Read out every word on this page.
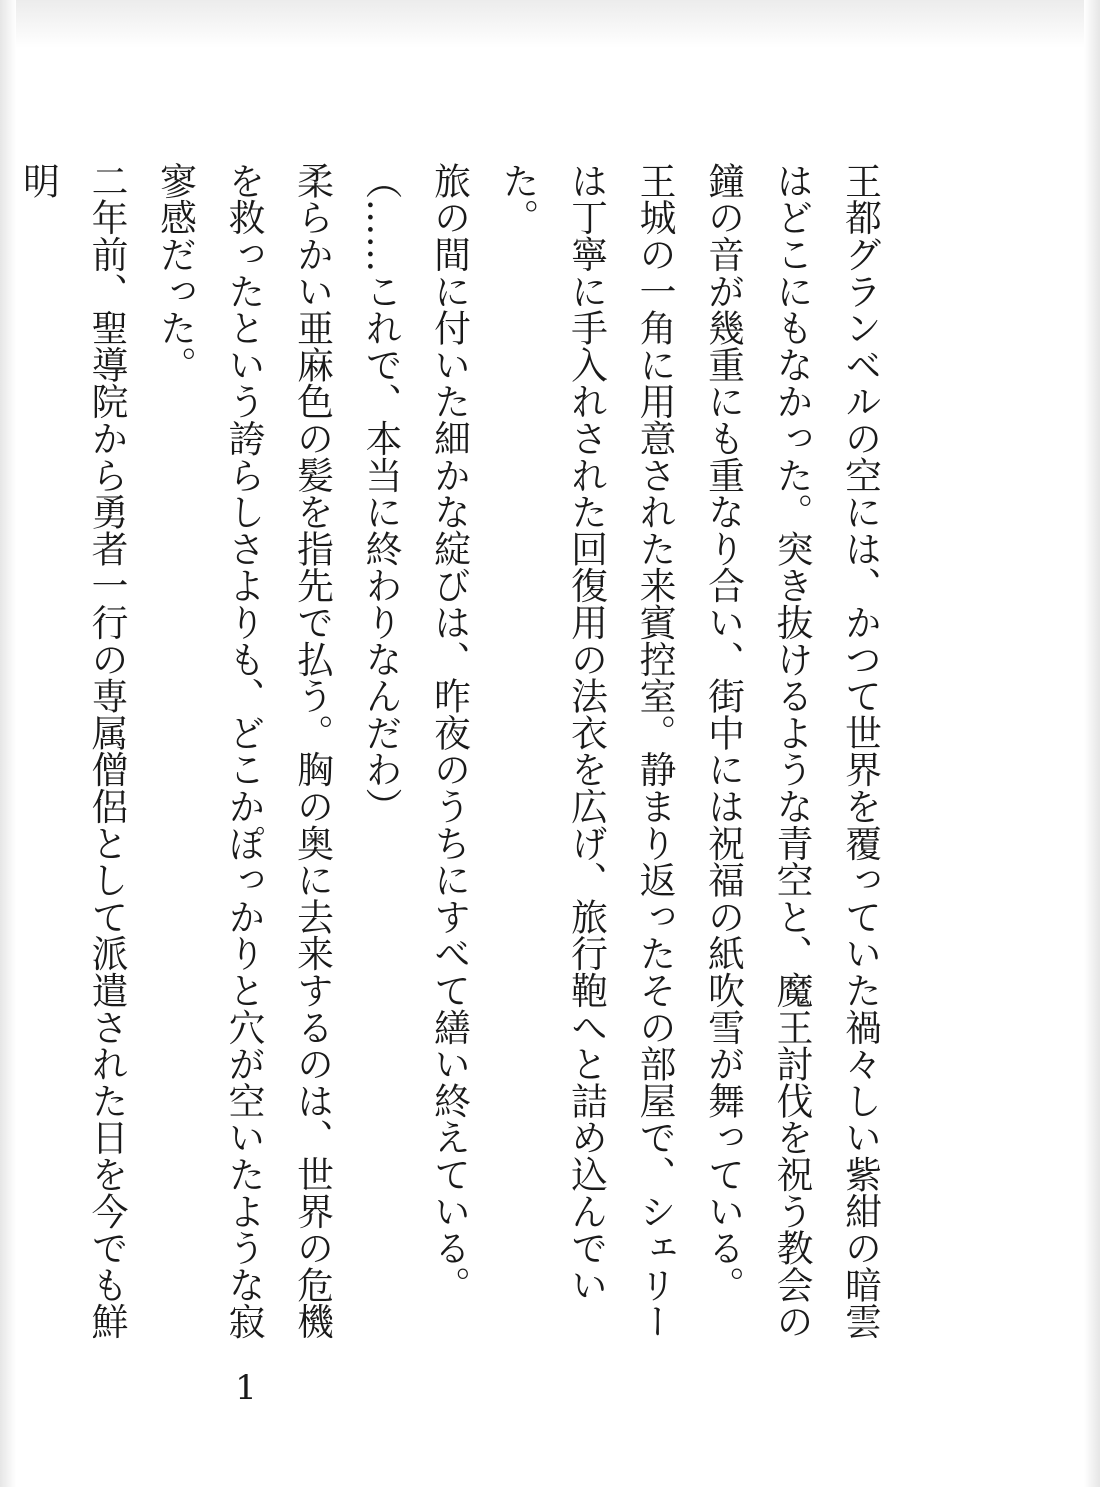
王都グランベルの空には、かつて世界を覆っていた禍々しい紫紺の暗雲はどこにもなかった。突き抜けるような青空と、魔王討伐を祝う教会の鐘の音が幾重にも重なり合い、街中には祝福の紙吹雪が舞っている。

王城の一角に用意された来賓控室。静まり返ったその部屋で、シェリーは丁寧に手入れされた回復用の法衣を広げ、旅行鞄へと詰め込んでいた。

旅の間に付いた細かな綻びは、昨夜のうちにすべて繕い終えている。

（……これで、本当に終わりなんだわ）

柔らかい亜麻色の髪を指先で払う。胸の奥に去来するのは、世界の危機を救ったという誇らしさよりも、どこかぽっかりと穴が空いたような寂寥感だった。

二年前、聖導院から勇者一行の専属僧侶として派遣された日を今でも鮮明

1
